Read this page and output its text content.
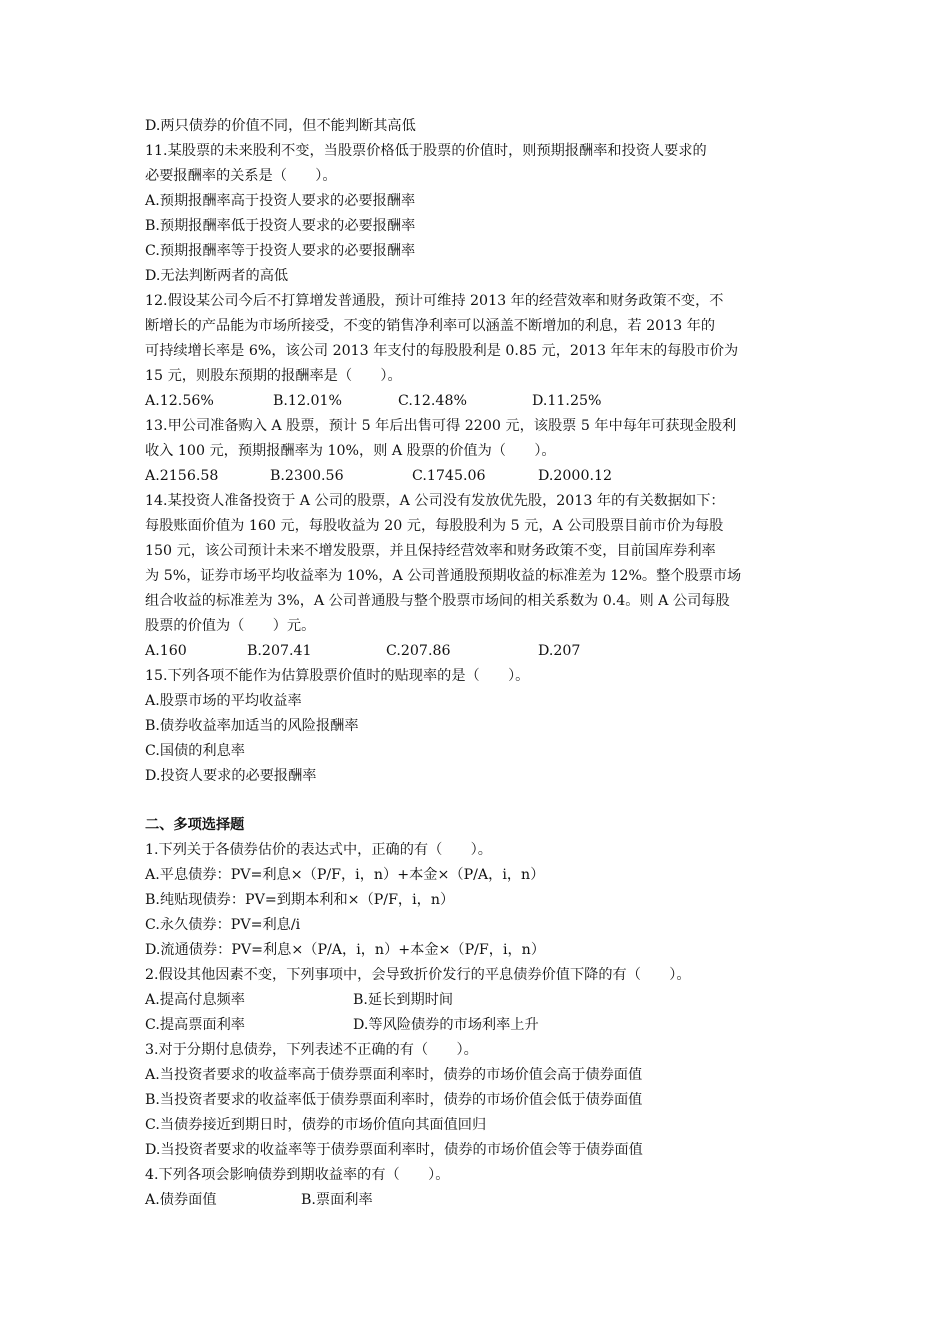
D.两只债券的价值不同，但不能判断其高低
11.某股票的未来股利不变，当股票价格低于股票的价值时，则预期报酬率和投资人要求的
必要报酬率的关系是（　　）。
A.预期报酬率高于投资人要求的必要报酬率
B.预期报酬率低于投资人要求的必要报酬率
C.预期报酬率等于投资人要求的必要报酬率
D.无法判断两者的高低
12.假设某公司今后不打算增发普通股，预计可维持 2013 年的经营效率和财务政策不变，不
断增长的产品能为市场所接受，不变的销售净利率可以涵盖不断增加的利息，若 2013 年的
可持续增长率是 6%，该公司 2013 年支付的每股股利是 0.85 元，2013 年年末的每股市价为
15 元，则股东预期的报酬率是（　　）。
A.12.56%	B.12.01%	C.12.48%	D.11.25%
13.甲公司准备购入 A 股票，预计 5 年后出售可得 2200 元，该股票 5 年中每年可获现金股利
收入 100 元，预期报酬率为 10%，则 A 股票的价值为（　　）。
A.2156.58	B.2300.56	C.1745.06	D.2000.12
14.某投资人准备投资于 A 公司的股票，A 公司没有发放优先股，2013 年的有关数据如下：
每股账面价值为 160 元，每股收益为 20 元，每股股利为 5 元，A 公司股票目前市价为每股
150 元，该公司预计未来不增发股票，并且保持经营效率和财务政策不变，目前国库券利率
为 5%，证券市场平均收益率为 10%，A 公司普通股预期收益的标准差为 12%。整个股票市场
组合收益的标准差为 3%，A 公司普通股与整个股票市场间的相关系数为 0.4。则 A 公司每股
股票的价值为（　　）元。
A.160	B.207.41	C.207.86	D.207
15.下列各项不能作为估算股票价值时的贴现率的是（　　）。
A.股票市场的平均收益率
B.债券收益率加适当的风险报酬率
C.国债的利息率
D.投资人要求的必要报酬率
二、多项选择题
1.下列关于各债券估价的表达式中，正确的有（　　）。
A.平息债券：PV=利息×（P/F，i，n）+本金×（P/A，i，n）
B.纯贴现债券：PV=到期本利和×（P/F，i，n）
C.永久债券：PV=利息/i
D.流通债券：PV=利息×（P/A，i，n）+本金×（P/F，i，n）
2.假设其他因素不变，下列事项中，会导致折价发行的平息债券价值下降的有（　　）。
A.提高付息频率	B.延长到期时间
C.提高票面利率	D.等风险债券的市场利率上升
3.对于分期付息债券，下列表述不正确的有（　　）。
A.当投资者要求的收益率高于债券票面利率时，债券的市场价值会高于债券面值
B.当投资者要求的收益率低于债券票面利率时，债券的市场价值会低于债券面值
C.当债券接近到期日时，债券的市场价值向其面值回归
D.当投资者要求的收益率等于债券票面利率时，债券的市场价值会等于债券面值
4.下列各项会影响债券到期收益率的有（　　）。
A.债券面值	B.票面利率
